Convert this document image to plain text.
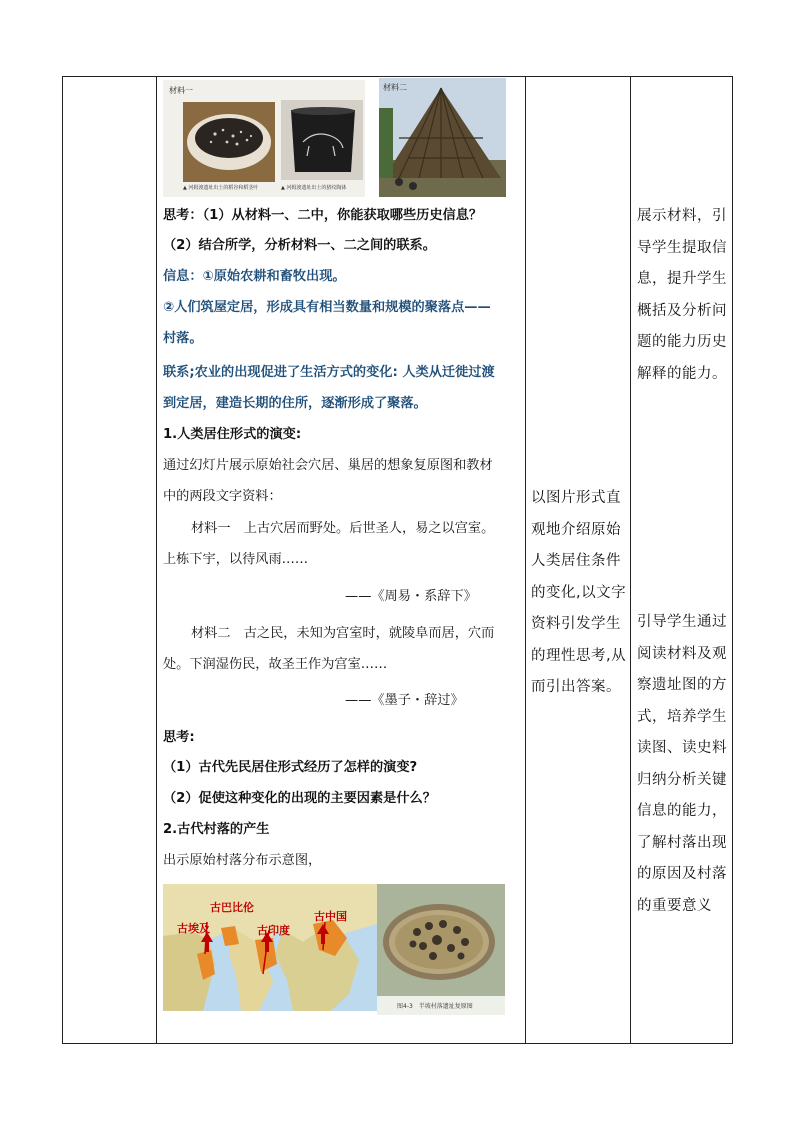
材料一
▲ 河姆渡遗址出土的稻谷和稻茎叶	▲ 河姆渡遗址出土的猪纹陶钵
材料二
思考：（1）从材料一、二中，你能获取哪些历史信息？
（2）结合所学，分析材料一、二之间的联系。
信息：①原始农耕和畜牧出现。
②人们筑屋定居，形成具有相当数量和规模的聚落点——
村落。
联系;农业的出现促进了生活方式的变化: 人类从迁徙过渡
到定居，建造长期的住所，逐渐形成了聚落。
1.人类居住形式的演变:
通过幻灯片展示原始社会穴居、巢居的想象复原图和教材
中的两段文字资料：
材料一　上古穴居而野处。后世圣人，易之以宫室。
上栋下宇，以待风雨……
——《周易・系辞下》
材料二　古之民，未知为宫室时，就陵阜而居，穴而
处。下润湿伤民，故圣王作为宫室……
——《墨子・辞过》
思考:
（1）古代先民居住形式经历了怎样的演变?
（2）促使这种变化的出现的主要因素是什么？
2.古代村落的产生
出示原始村落分布示意图，
古巴比伦
古埃及	古印度
古中国
图4-3　半坡村落遗址复原图
以图片形式直
观地介绍原始
人类居住条件
的变化,以文字
资料引发学生
的理性思考,从
而引出答案。
展示材料，引
导学生提取信
息，提升学生
概括及分析问
题的能力历史
解释的能力。
引导学生通过
阅读材料及观
察遗址图的方
式，培养学生
读图、读史料
归纳分析关键
信息的能力，
了解村落出现
的原因及村落
的重要意义
